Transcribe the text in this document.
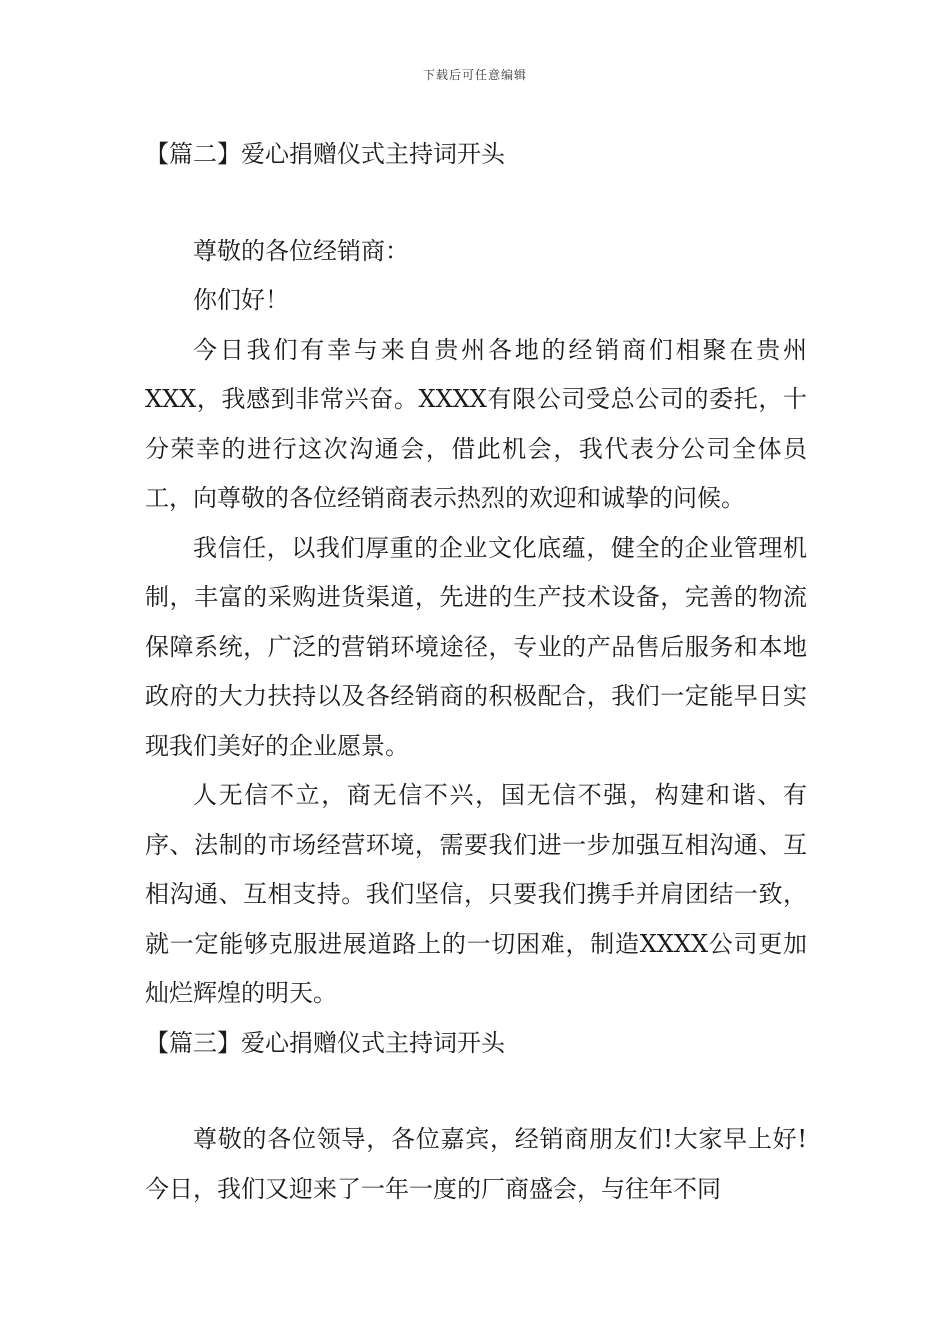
下载后可任意编辑
【篇二】爱心捐赠仪式主持词开头

尊敬的各位经销商：

你们好！

今日我们有幸与来自贵州各地的经销商们相聚在贵州XXX，我感到非常兴奋。XXXX有限公司受总公司的委托，十分荣幸的进行这次沟通会，借此机会，我代表分公司全体员工，向尊敬的各位经销商表示热烈的欢迎和诚挚的问候。

我信任，以我们厚重的企业文化底蕴，健全的企业管理机制，丰富的采购进货渠道，先进的生产技术设备，完善的物流保障系统，广泛的营销环境途径，专业的产品售后服务和本地政府的大力扶持以及各经销商的积极配合，我们一定能早日实现我们美好的企业愿景。

人无信不立，商无信不兴，国无信不强，构建和谐、有序、法制的市场经营环境，需要我们进一步加强互相沟通、互相沟通、互相支持。我们坚信，只要我们携手并肩团结一致，就一定能够克服进展道路上的一切困难，制造XXXX公司更加灿烂辉煌的明天。

【篇三】爱心捐赠仪式主持词开头

尊敬的各位领导，各位嘉宾，经销商朋友们!大家早上好!今日，我们又迎来了一年一度的厂商盛会，与往年不同
